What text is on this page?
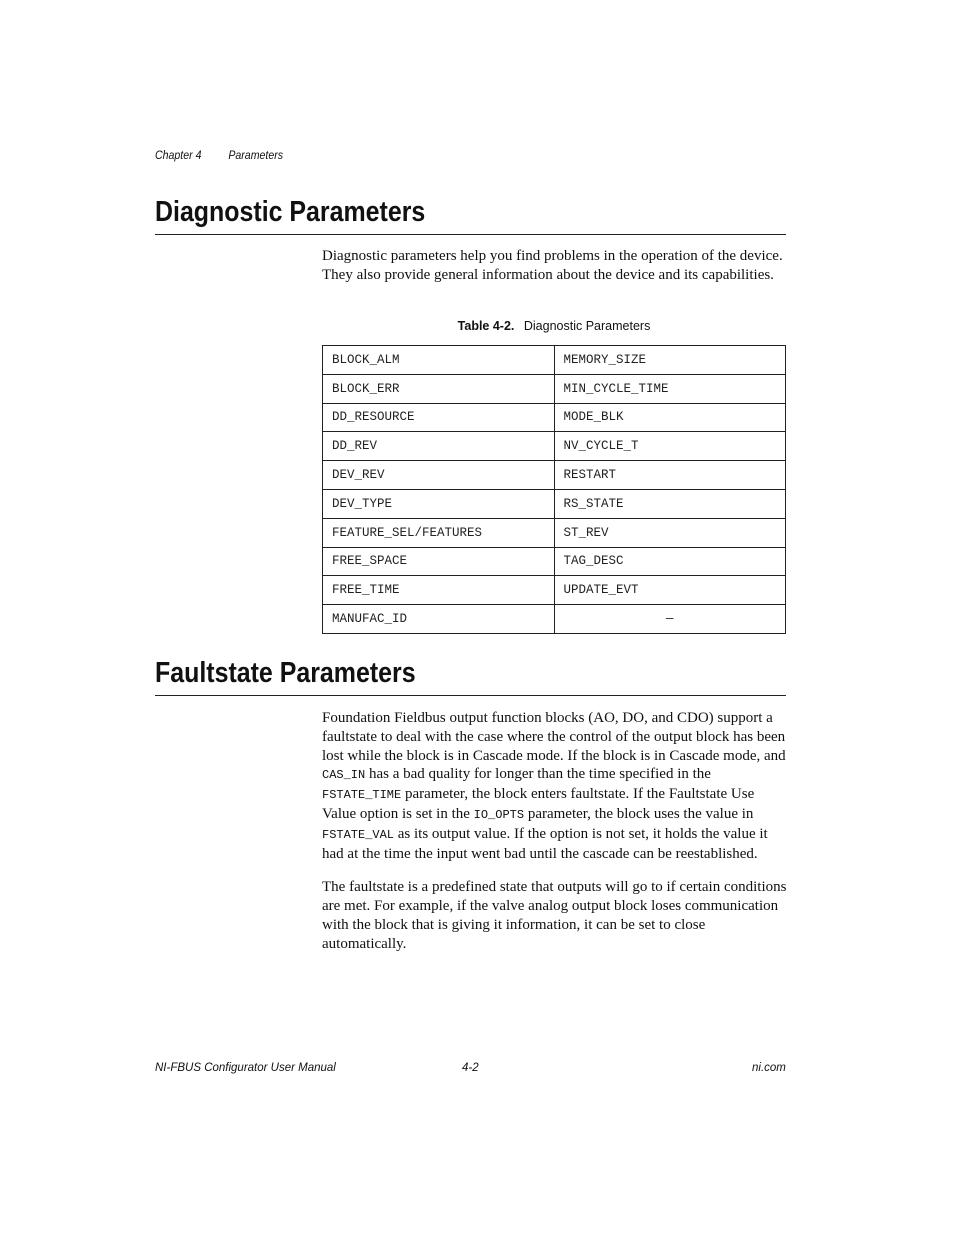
Chapter 4 Parameters
Diagnostic Parameters

Diagnostic parameters help you find problems in the operation of the device. They also provide general information about the device and its capabilities.

Table 4-2. Diagnostic Parameters
BLOCK_ALM	MEMORY_SIZE
BLOCK_ERR	MIN_CYCLE_TIME
DD_RESOURCE	MODE_BLK
DD_REV	NV_CYCLE_T
DEV_REV	RESTART
DEV_TYPE	RS_STATE
FEATURE_SEL/FEATURES	ST_REV
FREE_SPACE	TAG_DESC
FREE_TIME	UPDATE_EVT
MANUFAC_ID	—
Faultstate Parameters

Foundation Fieldbus output function blocks (AO, DO, and CDO) support a faultstate to deal with the case where the control of the output block has been lost while the block is in Cascade mode. If the block is in Cascade mode, and CAS_IN has a bad quality for longer than the time specified in the FSTATE_TIME parameter, the block enters faultstate. If the Faultstate Use Value option is set in the IO_OPTS parameter, the block uses the value in FSTATE_VAL as its output value. If the option is not set, it holds the value it had at the time the input went bad until the cascade can be reestablished.

The faultstate is a predefined state that outputs will go to if certain conditions are met. For example, if the valve analog output block loses communication with the block that is giving it information, it can be set to close automatically.

NI-FBUS Configurator User Manual	4-2	ni.com
